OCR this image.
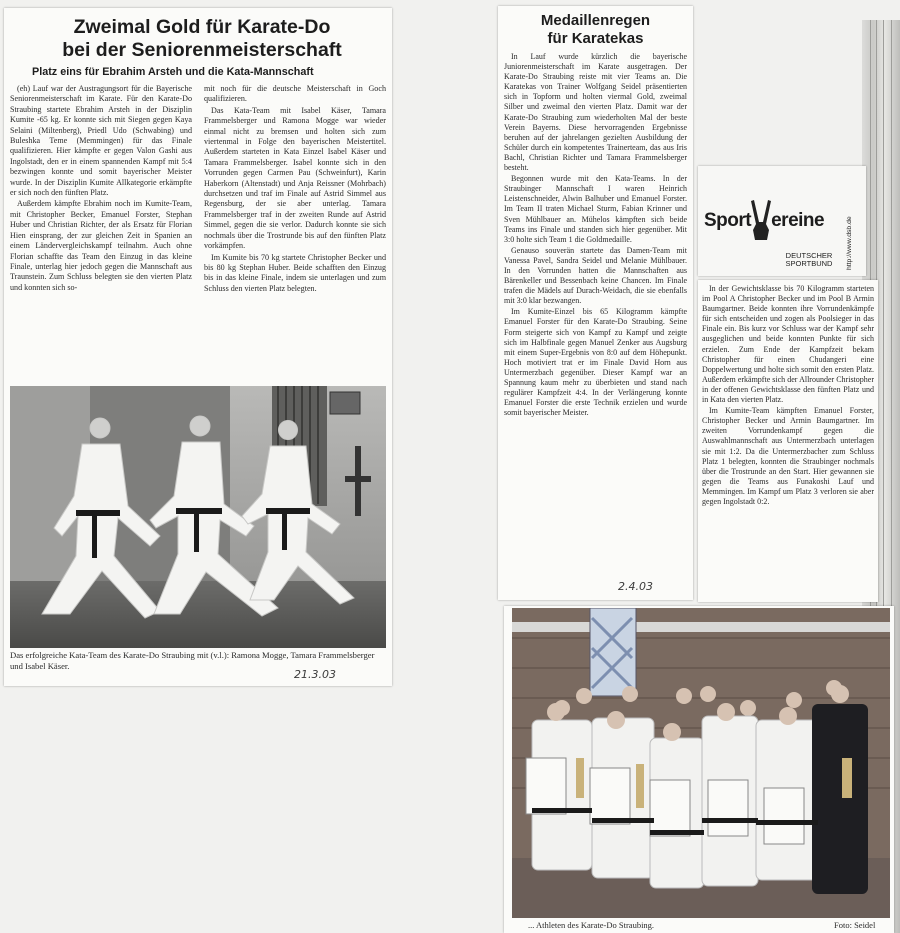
Zweimal Gold für Karate-Do
bei der Seniorenmeisterschaft
Platz eins für Ebrahim Arsteh und die Kata-Mannschaft

(eh) Lauf war der Austragungsort für die Bayerische Seniorenmeisterschaft im Karate. Für den Karate-Do Straubing startete Ebrahim Arsteh in der Disziplin Kumite -65 kg. Er konnte sich mit Siegen gegen Kaya Selaini (Miltenberg), Priedl Udo (Schwabing) und Buleshka Teme (Memmingen) für das Finale qualifizieren. Hier kämpfte er gegen Valon Gashi aus Ingolstadt, den er in einem spannenden Kampf mit 5:4 bezwingen konnte und somit bayerischer Meister wurde. In der Disziplin Kumite Allkategorie erkämpfte er sich noch den fünften Platz.

Außerdem kämpfte Ebrahim noch im Kumite-Team, mit Christopher Becker, Emanuel Forster, Stephan Huber und Christian Richter, der als Ersatz für Florian Hien einsprang, der zur gleichen Zeit in Spanien an einem Ländervergleichskampf teilnahm. Auch ohne Florian schaffte das Team den Einzug in das kleine Finale, unterlag hier jedoch gegen die Mannschaft aus Traunstein. Zum Schluss belegten sie den vierten Platz und konnten sich so-

mit noch für die deutsche Meisterschaft in Goch qualifizieren.

Das Kata-Team mit Isabel Käser, Tamara Frammelsberger und Ramona Mogge war wieder einmal nicht zu bremsen und holten sich zum viertenmal in Folge den bayerischen Meistertitel. Außerdem starteten in Kata Einzel Isabel Käser und Tamara Frammelsberger. Isabel konnte sich in den Vorrunden gegen Carmen Pau (Schweinfurt), Karin Haberkorn (Altenstadt) und Anja Reissner (Mohrbach) durchsetzen und traf im Finale auf Astrid Simmel aus Regensburg, der sie aber unterlag. Tamara Frammelsberger traf in der zweiten Runde auf Astrid Simmel, gegen die sie verlor. Dadurch konnte sie sich nochmals über die Trostrunde bis auf den fünften Platz vorkämpfen.

Im Kumite bis 70 kg startete Christopher Becker und bis 80 kg Stephan Huber. Beide schafften den Einzug bis in das kleine Finale, indem sie unterlagen und zum Schluss den vierten Platz belegten.

Das erfolgreiche Kata-Team des Karate-Do Straubing mit (v.l.): Ramona Mogge, Tamara Frammelsberger und Isabel Käser.
21.3.03
Medaillenregen
für Karatekas

In Lauf wurde kürzlich die bayerische Juniorenmeisterschaft im Karate ausgetragen. Der Karate-Do Straubing reiste mit vier Teams an. Die Karatekas von Trainer Wolfgang Seidel präsentierten sich in Topform und holten viermal Gold, zweimal Silber und zweimal den vierten Platz. Damit war der Karate-Do Straubing zum wiederholten Mal der beste Verein Bayerns. Diese hervorragenden Ergebnisse beruhen auf der jahrelangen gezielten Ausbildung der Schüler durch ein kompetentes Trainerteam, das aus Iris Bachl, Christian Richter und Tamara Frammelsberger besteht.

Begonnen wurde mit den Kata-Teams. In der Straubinger Mannschaft I waren Heinrich Leistenschneider, Alwin Balhuber und Emanuel Forster. Im Team II traten Michael Sturm, Fabian Krinner und Sven Mühlbauer an. Mühelos kämpften sich beide Teams ins Finale und standen sich hier gegenüber. Mit 3:0 holte sich Team 1 die Goldmedaille.

Genauso souverän startete das Damen-Team mit Vanessa Pavel, Sandra Seidel und Melanie Mühlbauer. In den Vorrunden hatten die Mannschaften aus Bärenkeller und Bessenbach keine Chancen. Im Finale trafen die Mädels auf Durach-Weidach, die sie ebenfalls mit 3:0 klar bezwangen.

Im Kumite-Einzel bis 65 Kilogramm kämpfte Emanuel Forster für den Karate-Do Straubing. Seine Form steigerte sich von Kampf zu Kampf und zeigte sich im Halbfinale gegen Manuel Zenker aus Augsburg mit einem Super-Ergebnis von 8:0 auf dem Höhepunkt. Hoch motiviert trat er im Finale David Horn aus Untermerzbach gegenüber. Dieser Kampf war an Spannung kaum mehr zu überbieten und stand nach regulärer Kampfzeit 4:4. In der Verlängerung konnte Emanuel Forster die erste Technik erzielen und wurde somit bayerischer Meister.

2.4.03
Sport ereine
DEUTSCHER
SPORTBUND	http://www.dsb.de

In der Gewichtsklasse bis 70 Kilogramm starteten im Pool A Christopher Becker und im Pool B Armin Baumgartner. Beide konnten ihre Vorrundenkämpfe für sich entscheiden und zogen als Poolsieger in das Finale ein. Bis kurz vor Schluss war der Kampf sehr ausgeglichen und beide konnten Punkte für sich erzielen. Zum Ende der Kampfzeit bekam Christopher für einen Chudangeri eine Doppelwertung und holte sich somit den ersten Platz. Außerdem erkämpfte sich der Allrounder Christopher in der offenen Gewichtsklasse den fünften Platz und in Kata den vierten Platz.

Im Kumite-Team kämpften Emanuel Forster, Christopher Becker und Armin Baumgartner. Im zweiten Vorrundenkampf gegen die Auswahlmannschaft aus Untermerzbach unterlagen sie mit 1:2. Da die Untermerzbacher zum Schluss Platz 1 belegten, konnten die Straubinger nochmals über die Trostrunde an den Start. Hier gewannen sie gegen die Teams aus Funakoshi Lauf und Memmingen. Im Kampf um Platz 3 verloren sie aber gegen Ingolstadt 0:2.

... Athleten des Karate-Do Straubing.	Foto: Seidel
